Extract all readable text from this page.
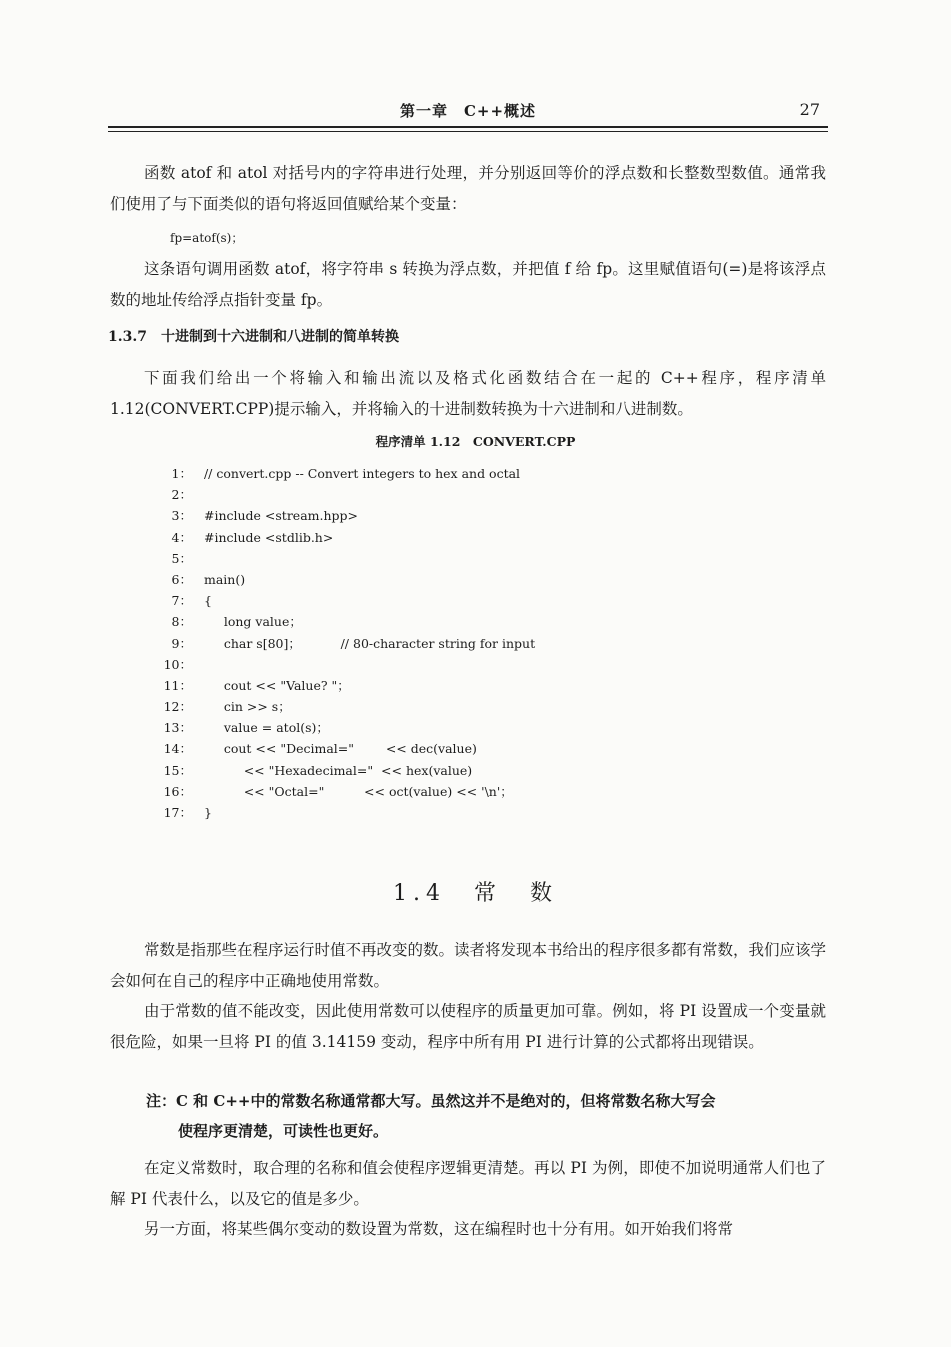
第一章　C++概述	27

函数 atof 和 atol 对括号内的字符串进行处理，并分别返回等价的浮点数和长整数型数值。通常我们使用了与下面类似的语句将返回值赋给某个变量：

fp=atof(s)；

这条语句调用函数 atof，将字符串 s 转换为浮点数，并把值 f 给 fp。这里赋值语句(=)是将该浮点数的地址传给浮点指针变量 fp。

1.3.7　十进制到十六进制和八进制的简单转换

下面我们给出一个将输入和输出流以及格式化函数结合在一起的 C++程序，程序清单 1.12(CONVERT.CPP)提示输入，并将输入的十进制数转换为十六进制和八进制数。

程序清单 1.12　CONVERT.CPP
1： // convert.cpp -- Convert integers to hex and octal
2：
3： #include <stream.hpp>
4： #include <stdlib.h>
5：
6： main()
7： {
8：      long value；
9：      char s[80]；          // 80-character string for input
10：
11：      cout << "Value? "；
12：      cin >> s；
13：      value = atol(s)；
14：      cout << "Decimal="        << dec(value)
15：           << "Hexadecimal="  << hex(value)
16：           << "Octal="          << oct(value) << '\n'；
17： }
1.4　常　数

常数是指那些在程序运行时值不再改变的数。读者将发现本书给出的程序很多都有常数，我们应该学会如何在自己的程序中正确地使用常数。

由于常数的值不能改变，因此使用常数可以使程序的质量更加可靠。例如，将 PI 设置成一个变量就很危险，如果一旦将 PI 的值 3.14159 变动，程序中所有用 PI 进行计算的公式都将出现错误。

注：C 和 C++中的常数名称通常都大写。虽然这并不是绝对的，但将常数名称大写会
使程序更清楚，可读性也更好。

在定义常数时，取合理的名称和值会使程序逻辑更清楚。再以 PI 为例，即使不加说明通常人们也了解 PI 代表什么，以及它的值是多少。

另一方面，将某些偶尔变动的数设置为常数，这在编程时也十分有用。如开始我们将常
